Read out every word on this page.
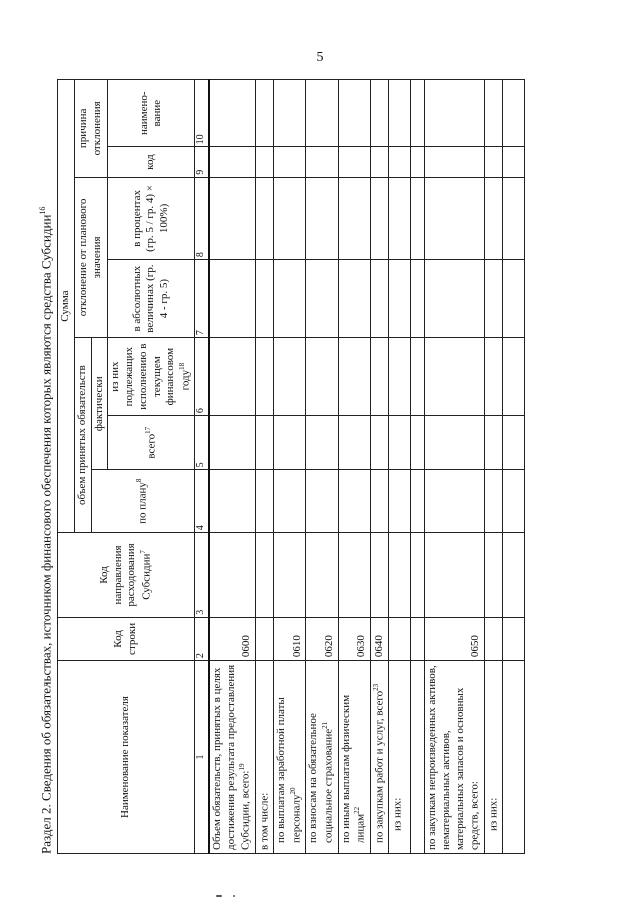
5
Раздел 2. Сведения об обязательствах, источником финансового обеспечения которых являются средства Субсидии$^{16}$
Наименование показателя	Код строки	Код направления расходования Субсидии$^7$	Сумма						
			объем принятых обязательств			отклонение от планового значения		причина отклонения	
			по плану$^8$	фактически					
				всего$^{17}$	из них подлежащих исполнению в текущем финансовом году$^{18}$	в абсолютных величинах (гр. 4 - гр. 5)	в процентах (гр. 5 / гр. 4) × 100%)	код	наимено-вание
1	2	3	4	5	6	7	8	9	10
Объем обязательств, принятых в целях достижения результата предоставления Субсидии, всего:$^{19}$	0600								
в том числе:									
по выплатам заработной платы персоналу$^{20}$	0610								
по взносам на обязательное социальное страхование$^{21}$	0620								
по иным выплатам физическим лицам$^{22}$	0630								
по закупкам работ и услуг, всего$^{23}$	0640								
из них:									

по закупкам непроизведенных активов, нематериальных активов, материальных запасов и основных средств, всего:	0650								
из них:									
